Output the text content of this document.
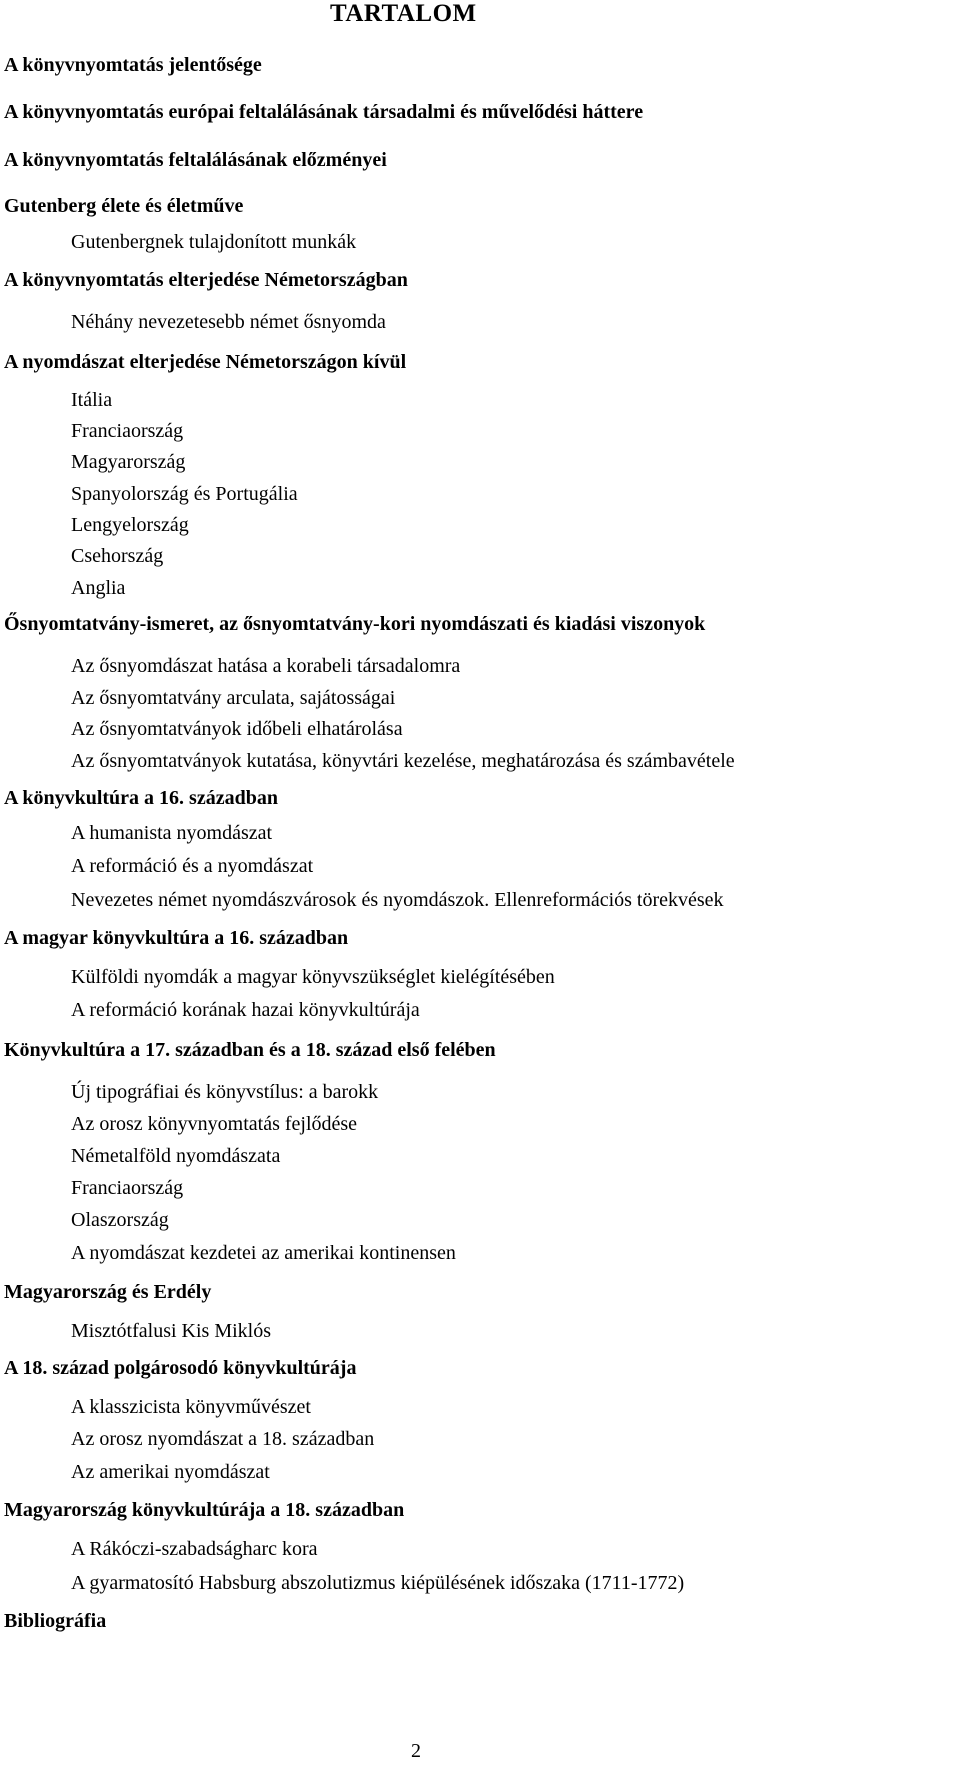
TARTALOM
A könyvnyomtatás jelentősége
A könyvnyomtatás európai feltalálásának társadalmi és művelődési háttere
A könyvnyomtatás feltalálásának előzményei
Gutenberg élete és életműve
Gutenbergnek tulajdonított munkák
A könyvnyomtatás elterjedése Németországban
Néhány nevezetesebb német ősnyomda
A nyomdászat elterjedése Németországon kívül
Itália
Franciaország
Magyarország
Spanyolország és Portugália
Lengyelország
Csehország
Anglia
Ősnyomtatvány-ismeret, az ősnyomtatvány-kori nyomdászati és kiadási viszonyok
Az ősnyomdászat hatása a korabeli társadalomra
Az ősnyomtatvány arculata, sajátosságai
Az ősnyomtatványok időbeli elhatárolása
Az ősnyomtatványok kutatása, könyvtári kezelése, meghatározása és számbavétele
A könyvkultúra a 16. században
A humanista nyomdászat
A reformáció és a nyomdászat
Nevezetes német nyomdászvárosok és nyomdászok. Ellenreformációs törekvések
A magyar könyvkultúra a 16. században
Külföldi nyomdák a magyar könyvszükséglet kielégítésében
A reformáció korának hazai könyvkultúrája
Könyvkultúra a 17. században és a 18. század első felében
Új tipográfiai és könyvstílus: a barokk
Az orosz könyvnyomtatás fejlődése
Németalföld nyomdászata
Franciaország
Olaszország
A nyomdászat kezdetei az amerikai kontinensen
Magyarország és Erdély
Misztótfalusi Kis Miklós
A 18. század polgárosodó könyvkultúrája
A klasszicista könyvművészet
Az orosz nyomdászat a 18. században
Az amerikai nyomdászat
Magyarország könyvkultúrája a 18. században
A Rákóczi-szabadságharc kora
A gyarmatosító Habsburg abszolutizmus kiépülésének időszaka (1711-1772)
Bibliográfia
2
